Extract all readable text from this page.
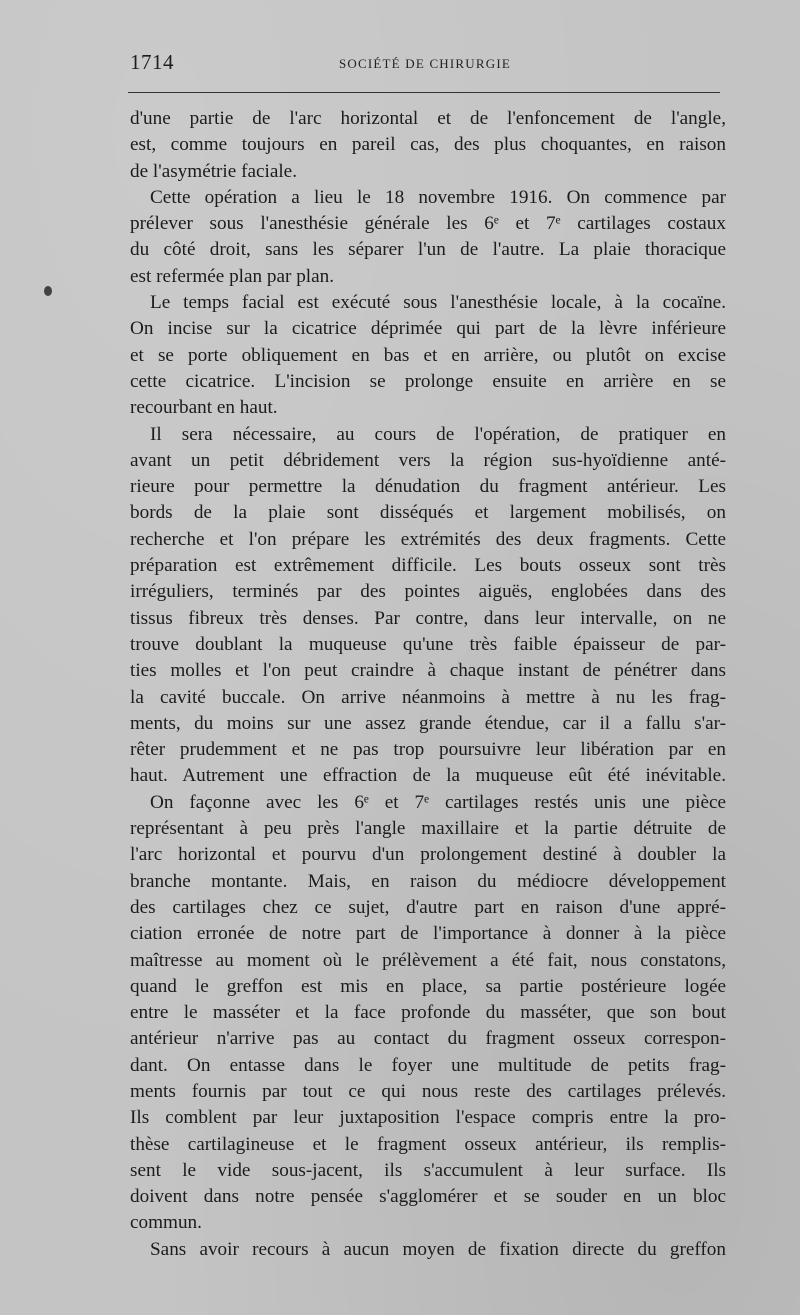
1714	SOCIÉTÉ DE CHIRURGIE
d'une partie de l'arc horizontal et de l'enfoncement de l'angle,
est, comme toujours en pareil cas, des plus choquantes, en raison
de l'asymétrie faciale.
Cette opération a lieu le 18 novembre 1916. On commence par
prélever sous l'anesthésie générale les 6ᵉ et 7ᵉ cartilages costaux
du côté droit, sans les séparer l'un de l'autre. La plaie thoracique
est refermée plan par plan.
Le temps facial est exécuté sous l'anesthésie locale, à la cocaïne.
On incise sur la cicatrice déprimée qui part de la lèvre inférieure
et se porte obliquement en bas et en arrière, ou plutôt on excise
cette cicatrice. L'incision se prolonge ensuite en arrière en se
recourbant en haut.
Il sera nécessaire, au cours de l'opération, de pratiquer en
avant un petit débridement vers la région sus-hyoïdienne anté-
rieure pour permettre la dénudation du fragment antérieur. Les
bords de la plaie sont disséqués et largement mobilisés, on
recherche et l'on prépare les extrémités des deux fragments. Cette
préparation est extrêmement difficile. Les bouts osseux sont très
irréguliers, terminés par des pointes aiguës, englobées dans des
tissus fibreux très denses. Par contre, dans leur intervalle, on ne
trouve doublant la muqueuse qu'une très faible épaisseur de par-
ties molles et l'on peut craindre à chaque instant de pénétrer dans
la cavité buccale. On arrive néanmoins à mettre à nu les frag-
ments, du moins sur une assez grande étendue, car il a fallu s'ar-
rêter prudemment et ne pas trop poursuivre leur libération par en
haut. Autrement une effraction de la muqueuse eût été inévitable.
On façonne avec les 6ᵉ et 7ᵉ cartilages restés unis une pièce
représentant à peu près l'angle maxillaire et la partie détruite de
l'arc horizontal et pourvu d'un prolongement destiné à doubler la
branche montante. Mais, en raison du médiocre développement
des cartilages chez ce sujet, d'autre part en raison d'une appré-
ciation erronée de notre part de l'importance à donner à la pièce
maîtresse au moment où le prélèvement a été fait, nous constatons,
quand le greffon est mis en place, sa partie postérieure logée
entre le masséter et la face profonde du masséter, que son bout
antérieur n'arrive pas au contact du fragment osseux correspon-
dant. On entasse dans le foyer une multitude de petits frag-
ments fournis par tout ce qui nous reste des cartilages prélevés.
Ils comblent par leur juxtaposition l'espace compris entre la pro-
thèse cartilagineuse et le fragment osseux antérieur, ils remplis-
sent le vide sous-jacent, ils s'accumulent à leur surface. Ils
doivent dans notre pensée s'agglomérer et se souder en un bloc
commun.
Sans avoir recours à aucun moyen de fixation directe du greffon
